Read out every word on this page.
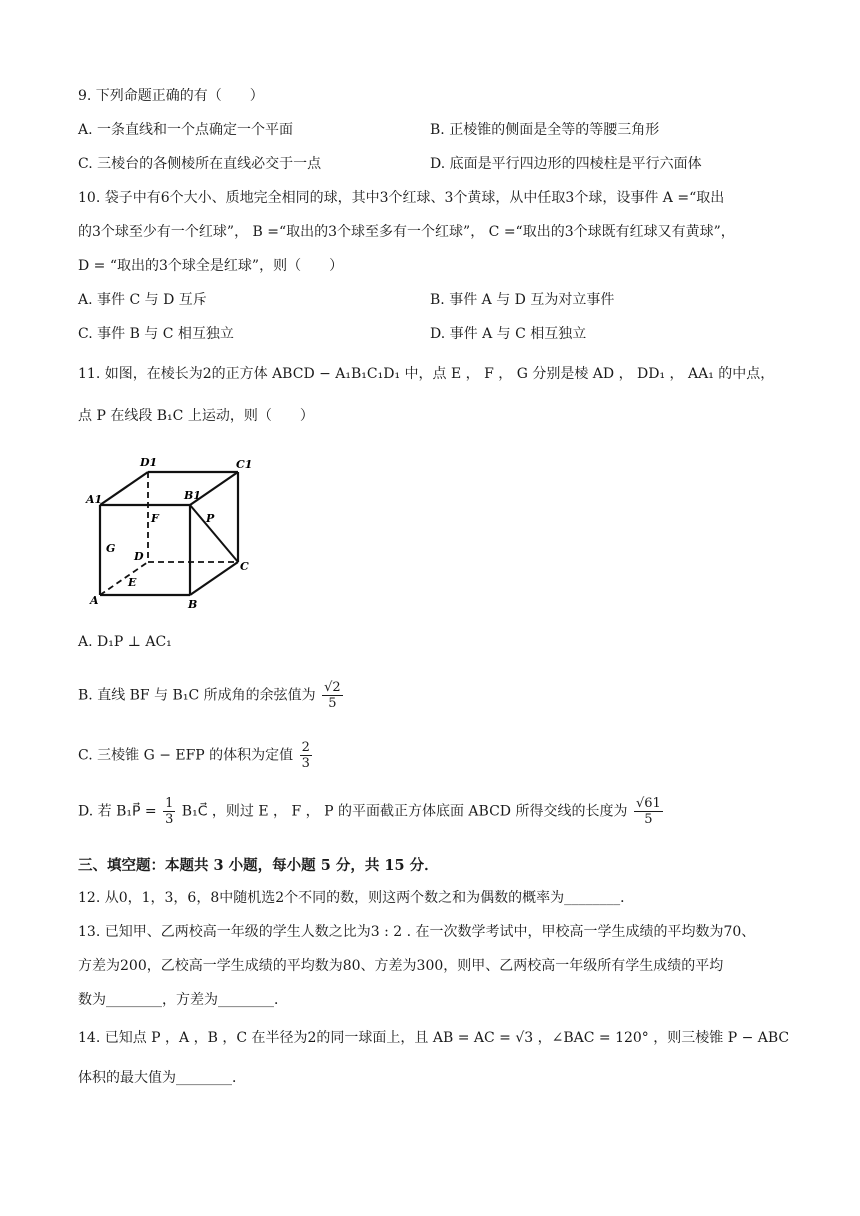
9. 下列命题正确的有（　　）
A. 一条直线和一个点确定一个平面	B. 正棱锥的侧面是全等的等腰三角形
C. 三棱台的各侧棱所在直线必交于一点	D. 底面是平行四边形的四棱柱是平行六面体
10. 袋子中有6个大小、质地完全相同的球，其中3个红球、3个黄球，从中任取3个球，设事件 A =“取出
的3个球至少有一个红球”， B =“取出的3个球至多有一个红球”， C =“取出的3个球既有红球又有黄球”，
D = “取出的3个球全是红球”，则（　　）
A. 事件 C 与 D 互斥	B. 事件 A 与 D 互为对立事件
C. 事件 B 与 C 相互独立	D. 事件 A 与 C 相互独立
11. 如图，在棱长为2的正方体 ABCD − A₁B₁C₁D₁ 中，点 E ， F ， G 分别是棱 AD ， DD₁ ， AA₁ 的中点，
点 P 在线段 B₁C 上运动，则（　　）
D1	C1
A1	B1
F	P
G
D
C
E
A	B
A. D₁P ⊥ AC₁
B. 直线 BF 与 B₁C 所成角的余弦值为 $\frac{√2}{5}$
C. 三棱锥 G − EFP 的体积为定值 $\frac{2}{3}$
D. 若 B₁P⃗ = $\frac{1}{3}$ B₁C⃗ ，则过 E ， F ， P 的平面截正方体底面 ABCD 所得交线的长度为 $\frac{√61}{5}$
三、填空题：本题共 3 小题，每小题 5 分，共 15 分．
12. 从0，1，3，6，8中随机选2个不同的数，则这两个数之和为偶数的概率为________．
13. 已知甲、乙两校高一年级的学生人数之比为3 : 2 . 在一次数学考试中，甲校高一学生成绩的平均数为70、
方差为200，乙校高一学生成绩的平均数为80、方差为300，则甲、乙两校高一年级所有学生成绩的平均
数为________，方差为________．
14. 已知点 P ，A ，B ，C 在半径为2的同一球面上，且 AB = AC = √3 ，∠BAC = 120° ，则三棱锥 P − ABC
体积的最大值为________．
